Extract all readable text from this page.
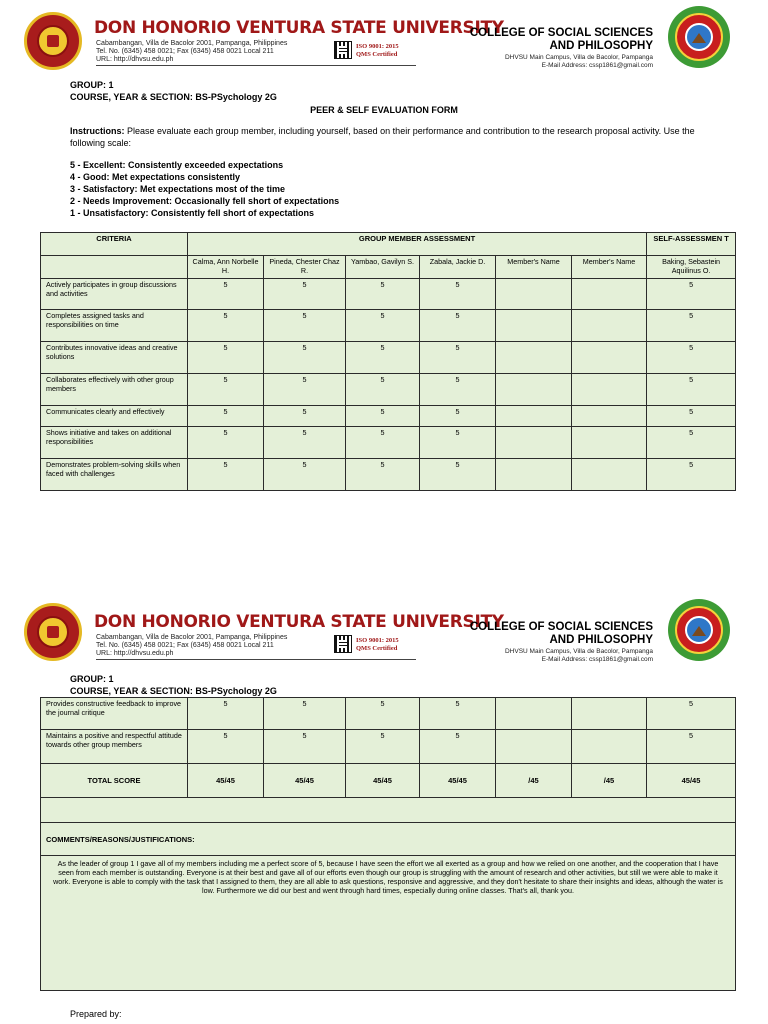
DON HONORIO VENTURA STATE UNIVERSITY
Cabambangan, Villa de Bacolor 2001, Pampanga, Philippines
Tel. No. (6345) 458 0021; Fax (6345) 458 0021 Local 211
URL: http://dhvsu.edu.ph
ISO 9001: 2015
QMS Certified
COLLEGE OF SOCIAL SCIENCES
AND PHILOSOPHY
DHVSU Main Campus, Villa de Bacolor, Pampanga
E-Mail Address: cssp1861@gmail.com
GROUP: 1
COURSE, YEAR & SECTION: BS-PSychology 2G
PEER & SELF EVALUATION FORM
Instructions: Please evaluate each group member, including yourself, based on their performance and contribution to the research proposal activity. Use the
following scale:
5 - Excellent: Consistently exceeded expectations
4 - Good: Met expectations consistently
3 - Satisfactory: Met expectations most of the time
2 - Needs Improvement: Occasionally fell short of expectations
1 - Unsatisfactory: Consistently fell short of expectations
CRITERIA	GROUP MEMBER ASSESSMENT						SELF-ASSESSMEN T
	Calma, Ann Norbelle H.	Pineda, Chester Chaz R.	Yambao, Gavilyn S.	Zabala, Jackie D.	Member's Name	Member's Name	Baking, Sebastein Aquilinus O.
Actively participates in group discussions and activities	5	5	5	5			5
Completes assigned tasks and responsibilities on time	5	5	5	5			5
Contributes innovative ideas and creative solutions	5	5	5	5			5
Collaborates effectively with other group members	5	5	5	5			5
Communicates clearly and effectively	5	5	5	5			5
Shows initiative and takes on additional responsibilities	5	5	5	5			5
Demonstrates problem-solving skills when faced with challenges	5	5	5	5			5
DON HONORIO VENTURA STATE UNIVERSITY
Cabambangan, Villa de Bacolor 2001, Pampanga, Philippines
Tel. No. (6345) 458 0021; Fax (6345) 458 0021 Local 211
URL: http://dhvsu.edu.ph
ISO 9001: 2015
QMS Certified
COLLEGE OF SOCIAL SCIENCES
AND PHILOSOPHY
DHVSU Main Campus, Villa de Bacolor, Pampanga
E-Mail Address: cssp1861@gmail.com
GROUP: 1
COURSE, YEAR & SECTION: BS-PSychology 2G
Provides constructive feedback to improve the journal critique	5	5	5	5			5
Maintains a positive and respectful attitude towards other group members	5	5	5	5			5
TOTAL SCORE	45/45	45/45	45/45	45/45	/45	/45	45/45

COMMENTS/REASONS/JUSTIFICATIONS:							
As the leader of group 1 I gave all of my members including me a perfect score of 5, because I have seen the effort we all exerted as a group and how we relied on one another, and the cooperation that I have seen from each member is outstanding. Everyone is at their best and gave all of our efforts even though our group is struggling with the amount of research and other activities, but still we were able to make it work. Everyone is able to comply with the task that I assigned to them, they are all able to ask questions, responsive and aggressive, and they don't hesitate to share their insights and ideas, although the water is low. Furthermore we did our best and went through hard times, especially during online classes. That's all, thank you.							
Prepared by:
